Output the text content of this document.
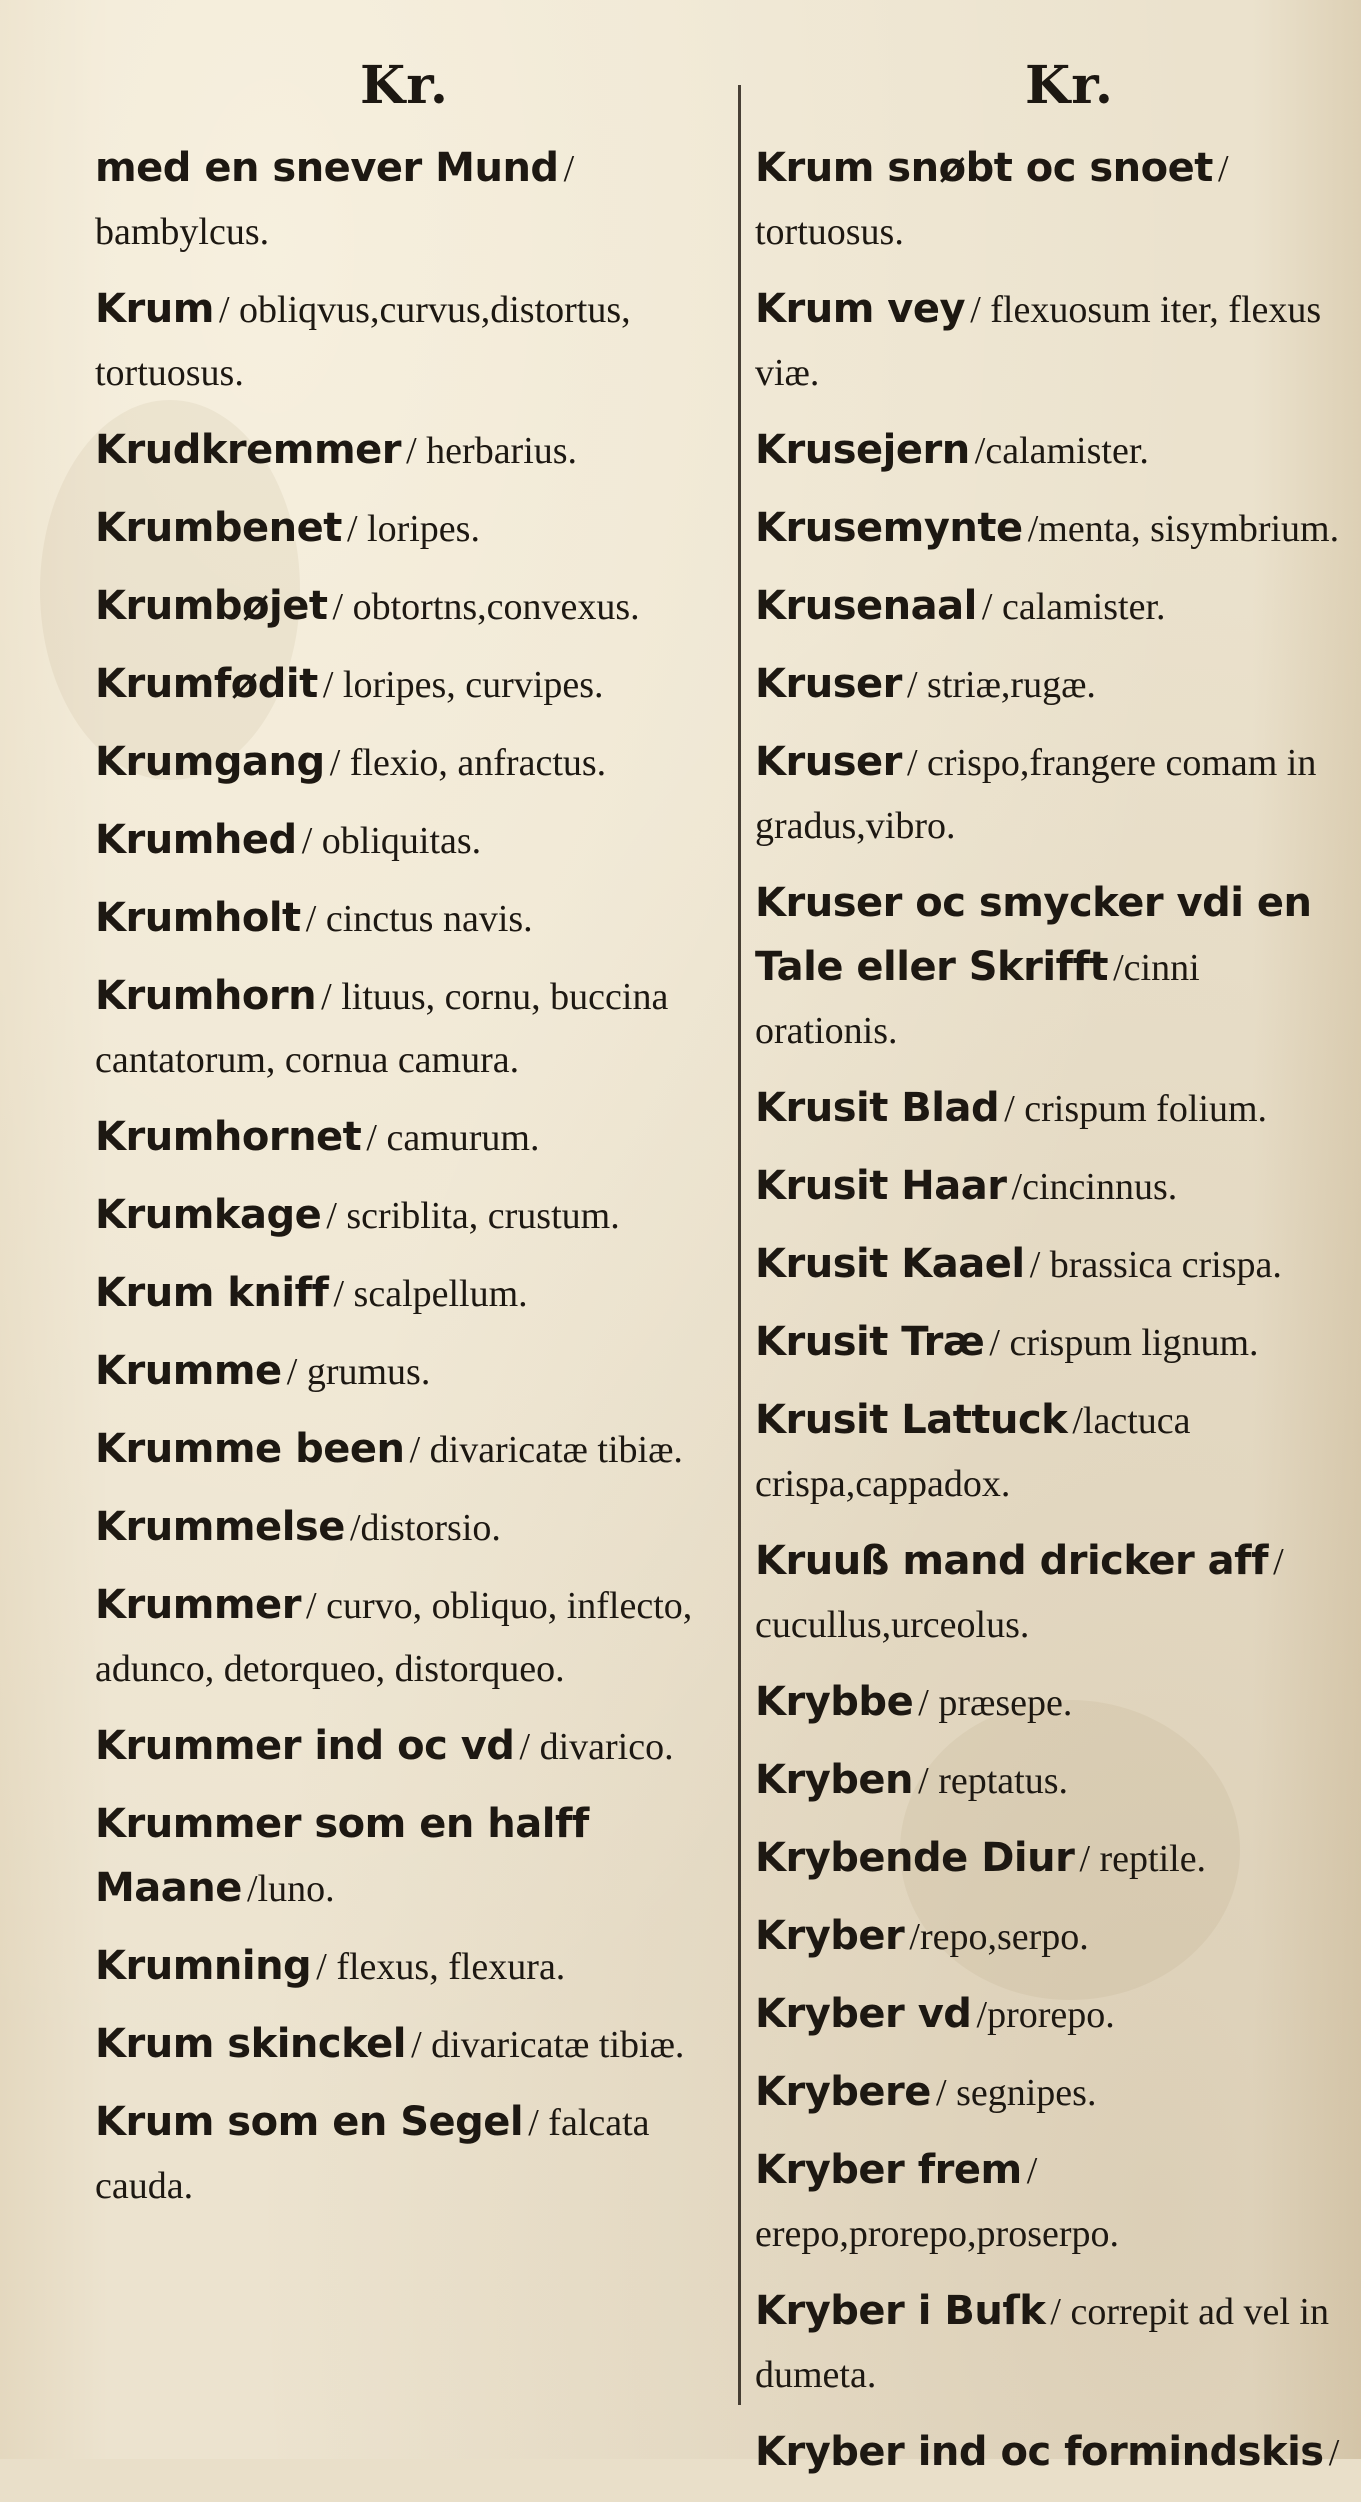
Kr.	Kr.
med en snever Mund / bambylcus.
Krum / obliqvus,curvus,distortus, tortuosus.
Krudkremmer / herbarius.
Krumbenet / loripes.
Krumbøjet / obtortns,convexus.
Krumfødit / loripes, curvipes.
Krumgang / flexio, anfractus.
Krumhed / obliquitas.
Krumholt / cinctus navis.
Krumhorn / lituus, cornu, buccina cantatorum, cornua camura.
Krumhornet / camurum.
Krumkage / scriblita, crustum.
Krum kniff / scalpellum.
Krumme / grumus.
Krumme been / divaricatæ tibiæ.
Krummelse /distorsio.
Krummer / curvo, obliquo, inflecto, adunco, detorqueo, distorqueo.
Krummer ind oc vd / divarico.
Krummer som en halff Maane /luno.
Krumning / flexus, flexura.
Krum skinckel / divaricatæ tibiæ.
Krum som en Segel / falcata cauda.
Krum snøbt oc snoet / tortuosus.
Krum vey / flexuosum iter, flexus viæ.
Krusejern /calamister.
Krusemynte /menta, sisymbrium.
Krusenaal / calamister.
Kruser / striæ,rugæ.
Kruser / crispo,frangere comam in gradus,vibro.
Kruser oc smycker vdi en Tale eller Skrifft /cinni orationis.
Krusit Blad / crispum folium.
Krusit Haar /cincinnus.
Krusit Kaael / brassica crispa.
Krusit Træ / crispum lignum.
Krusit Lattuck /lactuca crispa,cappadox.
Kruuß mand dricker aff / cucullus,urceolus.
Krybbe / præsepe.
Kryben / reptatus.
Krybende Diur / reptile.
Kryber /repo,serpo.
Kryber vd /prorepo.
Krybere / segnipes.
Kryber frem / erepo,prorepo,proserpo.
Kryber i Buſk / correpit ad vel in dumeta.
Kryber ind oc formindskis /
